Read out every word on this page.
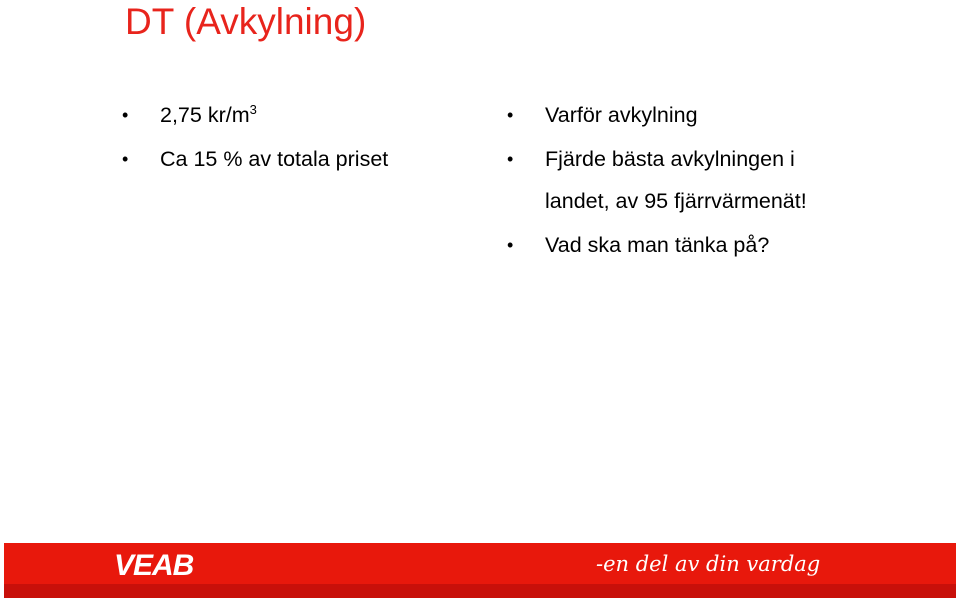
DT (Avkylning)
• 2,75 $kr/m^3$
• Ca 15 % av totala priset
• Varför avkylning
• Fjärde bästa avkylningen i
landet, av 95 fjärrvärmenät!
• Vad ska man tänka på?
VEAB	-en del av din vardag
